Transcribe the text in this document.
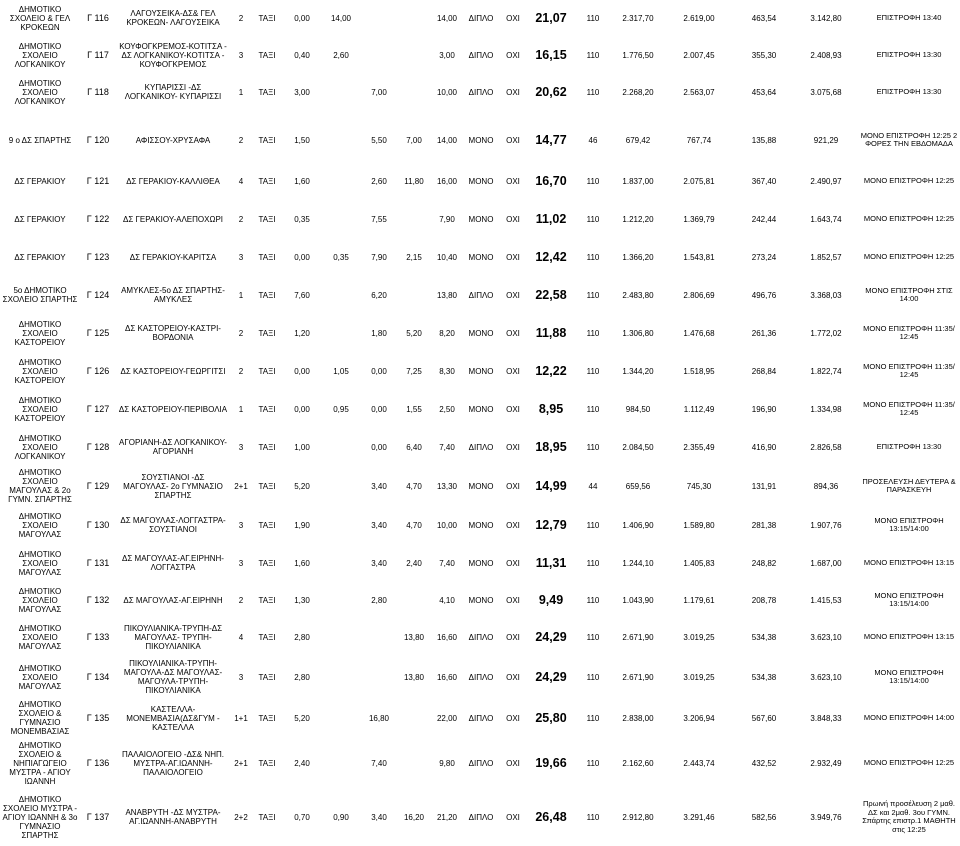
ΔΗΜΟΤΙΚΟ ΣΧΟΛΕΙΟ & ΓΕΛ ΚΡΟΚΕΩΝ	Γ 116	ΛΑΓΟΥΣΕΙΚΑ-ΔΣ& ΓΕΛ ΚΡΟΚΕΩΝ- ΛΑΓΟΥΣΕΙΚΑ	2	ΤΑΞΙ	0,00	14,00			14,00	ΔΙΠΛΟ	ΟΧΙ	21,07	110	2.317,70	2.619,00	463,54	3.142,80	ΕΠΙΣΤΡΟΦΗ 13:40
ΔΗΜΟΤΙΚΟ ΣΧΟΛΕΙΟ ΛΟΓΚΑΝΙΚΟΥ	Γ 117	ΚΟΥΦΟΓΚΡΕΜΟΣ-ΚΟΤΙΤΣΑ - ΔΣ ΛΟΓΚΑΝΙΚΟΥ-ΚΟΤΙΤΣΑ - ΚΟΥΦΟΓΚΡΕΜΟΣ	3	ΤΑΞΙ	0,40	2,60			3,00	ΔΙΠΛΟ	ΟΧΙ	16,15	110	1.776,50	2.007,45	355,30	2.408,93	ΕΠΙΣΤΡΟΦΗ 13:30
ΔΗΜΟΤΙΚΟ ΣΧΟΛΕΙΟ ΛΟΓΚΑΝΙΚΟΥ	Γ 118	ΚΥΠΑΡΙΣΣΙ -ΔΣ ΛΟΓΚΑΝΙΚΟΥ- ΚΥΠΑΡΙΣΣΙ	1	ΤΑΞΙ	3,00		7,00		10,00	ΔΙΠΛΟ	ΟΧΙ	20,62	110	2.268,20	2.563,07	453,64	3.075,68	ΕΠΙΣΤΡΟΦΗ 13:30

9 ο ΔΣ ΣΠΑΡΤΗΣ	Γ 120	ΑΦΙΣΣΟΥ-ΧΡΥΣΑΦΑ	2	ΤΑΞΙ	1,50		5,50	7,00	14,00	ΜΟΝΟ	ΟΧΙ	14,77	46	679,42	767,74	135,88	921,29	ΜΟΝΟ ΕΠΙΣΤΡΟΦΗ 12:25 2 ΦΟΡΕΣ ΤΗΝ ΕΒΔΟΜΑΔΑ
ΔΣ ΓΕΡΑΚΙΟΥ	Γ 121	ΔΣ ΓΕΡΑΚΙΟΥ-ΚΑΛΛΙΘΕΑ	4	ΤΑΞΙ	1,60		2,60	11,80	16,00	ΜΟΝΟ	ΟΧΙ	16,70	110	1.837,00	2.075,81	367,40	2.490,97	ΜΟΝΟ ΕΠΙΣΤΡΟΦΗ 12:25
ΔΣ ΓΕΡΑΚΙΟΥ	Γ 122	ΔΣ ΓΕΡΑΚΙΟΥ-ΑΛΕΠΟΧΩΡΙ	2	ΤΑΞΙ	0,35		7,55		7,90	ΜΟΝΟ	ΟΧΙ	11,02	110	1.212,20	1.369,79	242,44	1.643,74	ΜΟΝΟ ΕΠΙΣΤΡΟΦΗ 12:25
ΔΣ ΓΕΡΑΚΙΟΥ	Γ 123	ΔΣ ΓΕΡΑΚΙΟΥ-ΚΑΡΙΤΣΑ	3	ΤΑΞΙ	0,00	0,35	7,90	2,15	10,40	ΜΟΝΟ	ΟΧΙ	12,42	110	1.366,20	1.543,81	273,24	1.852,57	ΜΟΝΟ ΕΠΙΣΤΡΟΦΗ 12:25
5ο ΔΗΜΟΤΙΚΟ ΣΧΟΛΕΙΟ ΣΠΑΡΤΗΣ	Γ 124	ΑΜΥΚΛΕΣ-5ο ΔΣ ΣΠΑΡΤΗΣ- ΑΜΥΚΛΕΣ	1	ΤΑΞΙ	7,60		6,20		13,80	ΔΙΠΛΟ	ΟΧΙ	22,58	110	2.483,80	2.806,69	496,76	3.368,03	ΜΟΝΟ ΕΠΙΣΤΡΟΦΗ ΣΤΙΣ 14:00
ΔΗΜΟΤΙΚΟ ΣΧΟΛΕΙΟ ΚΑΣΤΟΡΕΙΟΥ	Γ 125	ΔΣ ΚΑΣΤΟΡΕΙΟΥ-ΚΑΣΤΡΙ- ΒΟΡΔΟΝΙΑ	2	ΤΑΞΙ	1,20		1,80	5,20	8,20	ΜΟΝΟ	ΟΧΙ	11,88	110	1.306,80	1.476,68	261,36	1.772,02	ΜΟΝΟ ΕΠΙΣΤΡΟΦΗ 11:35/ 12:45
ΔΗΜΟΤΙΚΟ ΣΧΟΛΕΙΟ ΚΑΣΤΟΡΕΙΟΥ	Γ 126	ΔΣ ΚΑΣΤΟΡΕΙΟΥ-ΓΕΩΡΓΙΤΣΙ	2	ΤΑΞΙ	0,00	1,05	0,00	7,25	8,30	ΜΟΝΟ	ΟΧΙ	12,22	110	1.344,20	1.518,95	268,84	1.822,74	ΜΟΝΟ ΕΠΙΣΤΡΟΦΗ 11:35/ 12:45
ΔΗΜΟΤΙΚΟ ΣΧΟΛΕΙΟ ΚΑΣΤΟΡΕΙΟΥ	Γ 127	ΔΣ ΚΑΣΤΟΡΕΙΟΥ-ΠΕΡΙΒΟΛΙΑ	1	ΤΑΞΙ	0,00	0,95	0,00	1,55	2,50	ΜΟΝΟ	ΟΧΙ	8,95	110	984,50	1.112,49	196,90	1.334,98	ΜΟΝΟ ΕΠΙΣΤΡΟΦΗ 11:35/ 12:45
ΔΗΜΟΤΙΚΟ ΣΧΟΛΕΙΟ ΛΟΓΚΑΝΙΚΟΥ	Γ 128	ΑΓΟΡΙΑΝΗ-ΔΣ ΛΟΓΚΑΝΙΚΟΥ- ΑΓΟΡΙΑΝΗ	3	ΤΑΞΙ	1,00		0,00	6,40	7,40	ΔΙΠΛΟ	ΟΧΙ	18,95	110	2.084,50	2.355,49	416,90	2.826,58	ΕΠΙΣΤΡΟΦΗ 13:30
ΔΗΜΟΤΙΚΟ ΣΧΟΛΕΙΟ ΜΑΓΟΥΛΑΣ & 2ο ΓΥΜΝ. ΣΠΑΡΤΗΣ	Γ 129	ΣΟΥΣΤΙΑΝΟΙ -ΔΣ ΜΑΓΟΥΛΑΣ- 2ο ΓΥΜΝΑΣΙΟ ΣΠΑΡΤΗΣ	2+1	ΤΑΞΙ	5,20		3,40	4,70	13,30	ΜΟΝΟ	ΟΧΙ	14,99	44	659,56	745,30	131,91	894,36	ΠΡΟΣΕΛΕΥΣΗ ΔΕΥΤΕΡΑ & ΠΑΡΑΣΚΕΥΗ
ΔΗΜΟΤΙΚΟ ΣΧΟΛΕΙΟ ΜΑΓΟΥΛΑΣ	Γ 130	ΔΣ ΜΑΓΟΥΛΑΣ-ΛΟΓΓΑΣΤΡΑ- ΣΟΥΣΤΙΑΝΟΙ	3	ΤΑΞΙ	1,90		3,40	4,70	10,00	ΜΟΝΟ	ΟΧΙ	12,79	110	1.406,90	1.589,80	281,38	1.907,76	ΜΟΝΟ ΕΠΙΣΤΡΟΦΗ 13:15/14:00
ΔΗΜΟΤΙΚΟ ΣΧΟΛΕΙΟ ΜΑΓΟΥΛΑΣ	Γ 131	ΔΣ ΜΑΓΟΥΛΑΣ-ΑΓ.ΕΙΡΗΝΗ- ΛΟΓΓΑΣΤΡΑ	3	ΤΑΞΙ	1,60		3,40	2,40	7,40	ΜΟΝΟ	ΟΧΙ	11,31	110	1.244,10	1.405,83	248,82	1.687,00	ΜΟΝΟ ΕΠΙΣΤΡΟΦΗ 13:15
ΔΗΜΟΤΙΚΟ ΣΧΟΛΕΙΟ ΜΑΓΟΥΛΑΣ	Γ 132	ΔΣ ΜΑΓΟΥΛΑΣ-ΑΓ.ΕΙΡΗΝΗ	2	ΤΑΞΙ	1,30		2,80		4,10	ΜΟΝΟ	ΟΧΙ	9,49	110	1.043,90	1.179,61	208,78	1.415,53	ΜΟΝΟ ΕΠΙΣΤΡΟΦΗ 13:15/14:00
ΔΗΜΟΤΙΚΟ ΣΧΟΛΕΙΟ ΜΑΓΟΥΛΑΣ	Γ 133	ΠΙΚΟΥΛΙΑΝΙΚΑ-ΤΡΥΠΗ-ΔΣ ΜΑΓΟΥΛΑΣ- ΤΡΥΠΗ- ΠΙΚΟΥΛΙΑΝΙΚΑ	4	ΤΑΞΙ	2,80			13,80	16,60	ΔΙΠΛΟ	ΟΧΙ	24,29	110	2.671,90	3.019,25	534,38	3.623,10	ΜΟΝΟ ΕΠΙΣΤΡΟΦΗ 13:15
ΔΗΜΟΤΙΚΟ ΣΧΟΛΕΙΟ ΜΑΓΟΥΛΑΣ	Γ 134	ΠΙΚΟΥΛΙΑΝΙΚΑ-ΤΡΥΠΗ- ΜΑΓΟΥΛΑ-ΔΣ ΜΑΓΟΥΛΑΣ- ΜΑΓΟΥΛΑ-ΤΡΥΠΗ- ΠΙΚΟΥΛΙΑΝΙΚΑ	3	ΤΑΞΙ	2,80			13,80	16,60	ΔΙΠΛΟ	ΟΧΙ	24,29	110	2.671,90	3.019,25	534,38	3.623,10	ΜΟΝΟ ΕΠΙΣΤΡΟΦΗ 13:15/14:00
ΔΗΜΟΤΙΚΟ ΣΧΟΛΕΙΟ & ΓΥΜΝΑΣΙΟ ΜΟΝΕΜΒΑΣΙΑΣ	Γ 135	ΚΑΣΤΕΛΛΑ- ΜΟΝΕΜΒΑΣΙΑ(ΔΣ&ΓΥΜ - ΚΑΣΤΕΛΛΑ	1+1	ΤΑΞΙ	5,20		16,80		22,00	ΔΙΠΛΟ	ΟΧΙ	25,80	110	2.838,00	3.206,94	567,60	3.848,33	ΜΟΝΟ ΕΠΙΣΤΡΟΦΗ 14:00
ΔΗΜΟΤΙΚΟ ΣΧΟΛΕΙΟ & ΝΗΠΙΑΓΩΓΕΙΟ ΜΥΣΤΡΑ - ΑΓΙΟΥ ΙΩΑΝΝΗ	Γ 136	ΠΑΛΑΙΟΛΟΓΕΙΟ -ΔΣ& ΝΗΠ. ΜΥΣΤΡΑ-ΑΓ.ΙΩΑΝΝΗ- ΠΑΛΑΙΟΛΟΓΕΙΟ	2+1	ΤΑΞΙ	2,40		7,40		9,80	ΔΙΠΛΟ	ΟΧΙ	19,66	110	2.162,60	2.443,74	432,52	2.932,49	ΜΟΝΟ ΕΠΙΣΤΡΟΦΗ 12:25
ΔΗΜΟΤΙΚΟ ΣΧΟΛΕΙΟ ΜΥΣΤΡΑ - ΑΓΙΟΥ ΙΩΑΝΝΗ & 3ο ΓΥΜΝΑΣΙΟ ΣΠΑΡΤΗΣ	Γ 137	ΑΝΑΒΡΥΤΗ -ΔΣ ΜΥΣΤΡΑ- ΑΓ.ΙΩΑΝΝΗ-ΑΝΑΒΡΥΤΗ	2+2	ΤΑΞΙ	0,70	0,90	3,40	16,20	21,20	ΔΙΠΛΟ	ΟΧΙ	26,48	110	2.912,80	3.291,46	582,56	3.949,76	Πρωινή προσέλευση 2 μαθ. ΔΣ και 2μαθ. 3ου ΓΥΜΝ. Σπάρτης επιστρ.1 ΜΑΘΗΤΗ στις 12:25
